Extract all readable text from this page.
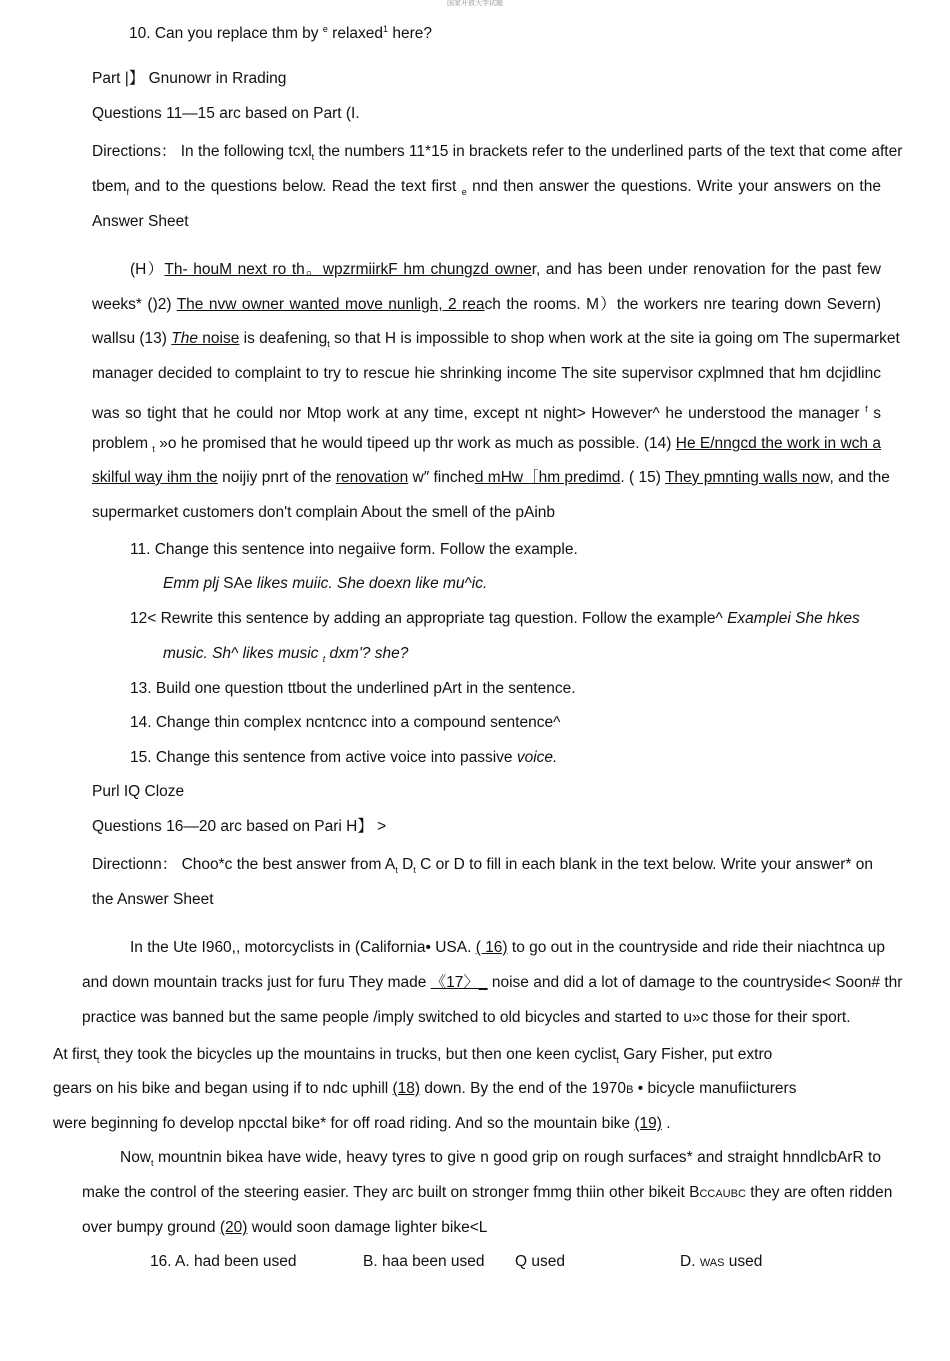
国家开放大学试题
10. Can you replace thm by $^e$ relaxed$^1$ here?
Part |】 Gnunowr in Rrading
Questions 11—15 arc based on Part (I.
Directions： In the following tcxl$_t$ the numbers 11*15 in brackets refer to the underlined parts of the text that come after
tbem$_f$ and to the questions below. Read the text first $_e$ nnd then answer the questions. Write your answers on the
Answer Sheet
(H）Th- houM next ro th。wpzrmiirkF hm chungzd owner, and has been under renovation for the past few
weeks* ()2) The nvw owner wanted move nunligh, 2 reach the rooms. M）the workers nre tearing down Severn)
wallsu (13) The noise is deafening$_t$ so that H is impossible to shop when work at the site ia going om The supermarket
manager decided to complaint to try to rescue hie shrinking income The site supervisor cxplmned that hm dcjidlinc
was so tight that he could nor Mtop work at any time, except nt night> However^ he understood the manager $^f$ s
problem $_t$ »o he promised that he would tipeed up thr work as much as possible. (14) He E/nngcd the work in wch a
skilful way ihm the noijiy pnrt of the renovation w″ finched mHw［hm predimd. ( 15) They pmnting walls now, and the
supermarket customers don't complain About the smell of the pAinb
11. Change this sentence into negaiive form. Follow the example.
Emm plj SAe likes muiic. She doexn like mu^ic.
12< Rewrite this sentence by adding an appropriate tag question. Follow the example^ Examplei She hkes
music. Sh^ likes music $_t$ dxm'? she?
13. Build one question ttbout the underlined pArt in the sentence.
14. Change thin complex ncntcncc into a compound sentence^
15. Change this sentence from active voice into passive voice.
Purl IQ Cloze
Questions 16—20 arc based on Pari H】 >
Directionn： Choo*c the best answer from $A_t$ $D_t$ C or D to fill in each blank in the text below. Write your answer* on
the Answer Sheet
In the Ute I960,, motorcyclists in (California• USA. ( 16) to go out in the countryside and ride their niachtnca up
and down mountain tracks just for furu They made 《17〉_ noise and did a lot of damage to the countryside< Soon# thr
practice was banned but the same people /imply switched to old bicycles and started to u»c those for their sport.
At first$_t$ they took the bicycles up the mountains in trucks, but then one keen cyclist$_t$ Gary Fisher, put extro
gears on his bike and began using if to ndc uphill (18) down. By the end of the 1970B • bicycle manufiicturers
were beginning fo develop npcctal bike* for off road riding. And so the mountain bike (19) .
Now$_t$ mountnin bikea have wide, heavy tyres to give n good grip on rough surfaces* and straight hnndlcbArR to
make the control of the steering easier. They arc built on stronger fmmg thiin other bikeit BCCAUBC they are often ridden
over bumpy ground (20) would soon damage lighter bike<L
16. A. had been used	B. haa been used Q used	D. WAS used
